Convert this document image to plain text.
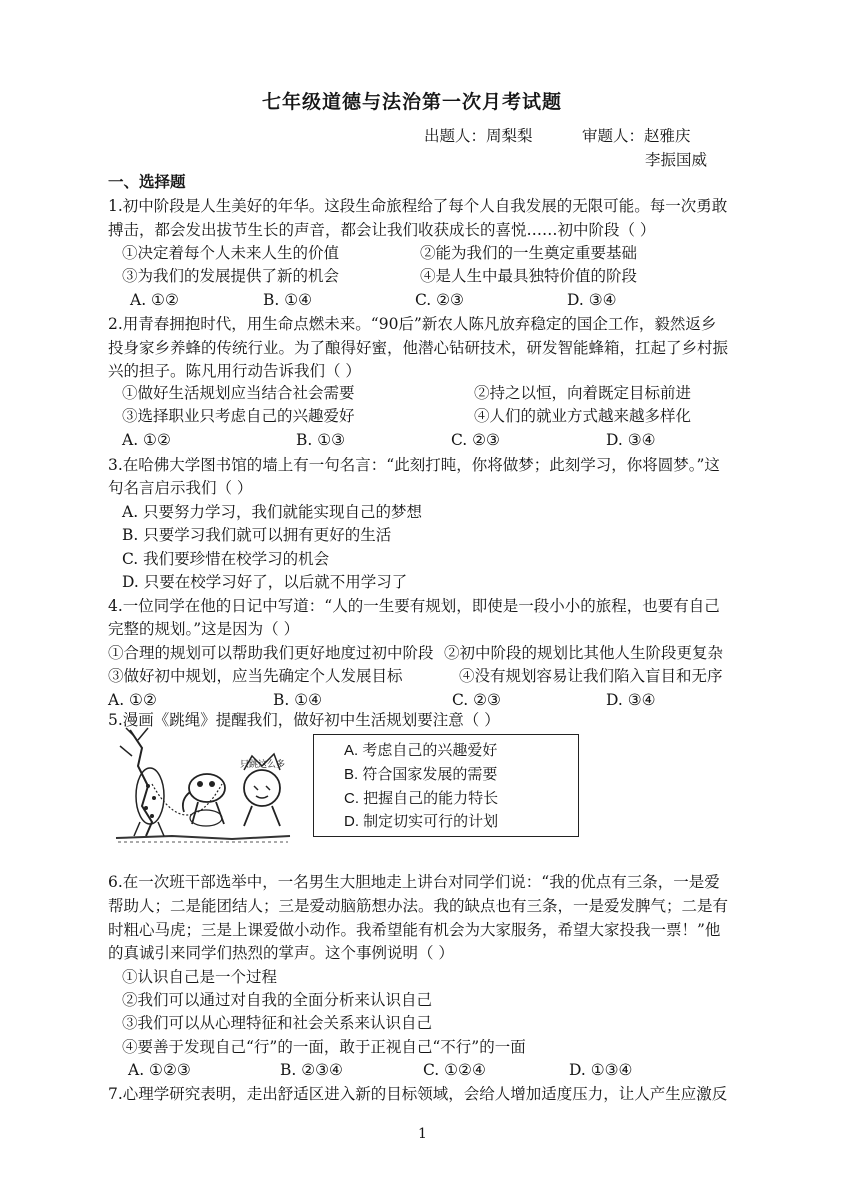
七年级道德与法治第一次月考试题
出题人：周梨梨	审题人：赵雅庆
李振国威
一、选择题
1.初中阶段是人生美好的年华。这段生命旅程给了每个人自我发展的无限可能。每一次勇敢
搏击，都会发出拔节生长的声音，都会让我们收获成长的喜悦……初中阶段（ ）
①决定着每个人未来人生的价值	②能为我们的一生奠定重要基础
③为我们的发展提供了新的机会	④是人生中最具独特价值的阶段
A. ①②	B. ①④	C. ②③	D. ③④
2.用青春拥抱时代，用生命点燃未来。“90后”新农人陈凡放弃稳定的国企工作，毅然返乡
投身家乡养蜂的传统行业。为了酿得好蜜，他潜心钻研技术，研发智能蜂箱，扛起了乡村振
兴的担子。陈凡用行动告诉我们（ ）
①做好生活规划应当结合社会需要	②持之以恒，向着既定目标前进
③选择职业只考虑自己的兴趣爱好	④人们的就业方式越来越多样化
A. ①②	B. ①③	C. ②③	D. ③④
3.在哈佛大学图书馆的墙上有一句名言：“此刻打盹，你将做梦；此刻学习，你将圆梦。”这
句名言启示我们（ ）
A. 只要努力学习，我们就能实现自己的梦想
B. 只要学习我们就可以拥有更好的生活
C. 我们要珍惜在校学习的机会
D. 只要在校学习好了，以后就不用学习了
4.一位同学在他的日记中写道：“人的一生要有规划，即使是一段小小的旅程，也要有自己
完整的规划。”这是因为（ ）
①合理的规划可以帮助我们更好地度过初中阶段 ②初中阶段的规划比其他人生阶段更复杂
③做好初中规划，应当先确定个人发展目标	④没有规划容易让我们陷入盲目和无序
A. ①②	B. ①④	C. ②③	D. ③④
5.漫画《跳绳》提醒我们，做好初中生活规划要注意（ ）
只跳这么多
A. 考虑自己的兴趣爱好
B. 符合国家发展的需要
C. 把握自己的能力特长
D. 制定切实可行的计划
6.在一次班干部选举中，一名男生大胆地走上讲台对同学们说：“我的优点有三条，一是爱
帮助人；二是能团结人；三是爱动脑筋想办法。我的缺点也有三条，一是爱发脾气；二是有
时粗心马虎；三是上课爱做小动作。我希望能有机会为大家服务，希望大家投我一票！”他
的真诚引来同学们热烈的掌声。这个事例说明（ ）
①认识自己是一个过程
②我们可以通过对自我的全面分析来认识自己
③我们可以从心理特征和社会关系来认识自己
④要善于发现自己“行”的一面，敢于正视自己“不行”的一面
A. ①②③	B. ②③④	C. ①②④	D. ①③④
7.心理学研究表明，走出舒适区进入新的目标领域，会给人增加适度压力，让人产生应激反
1
